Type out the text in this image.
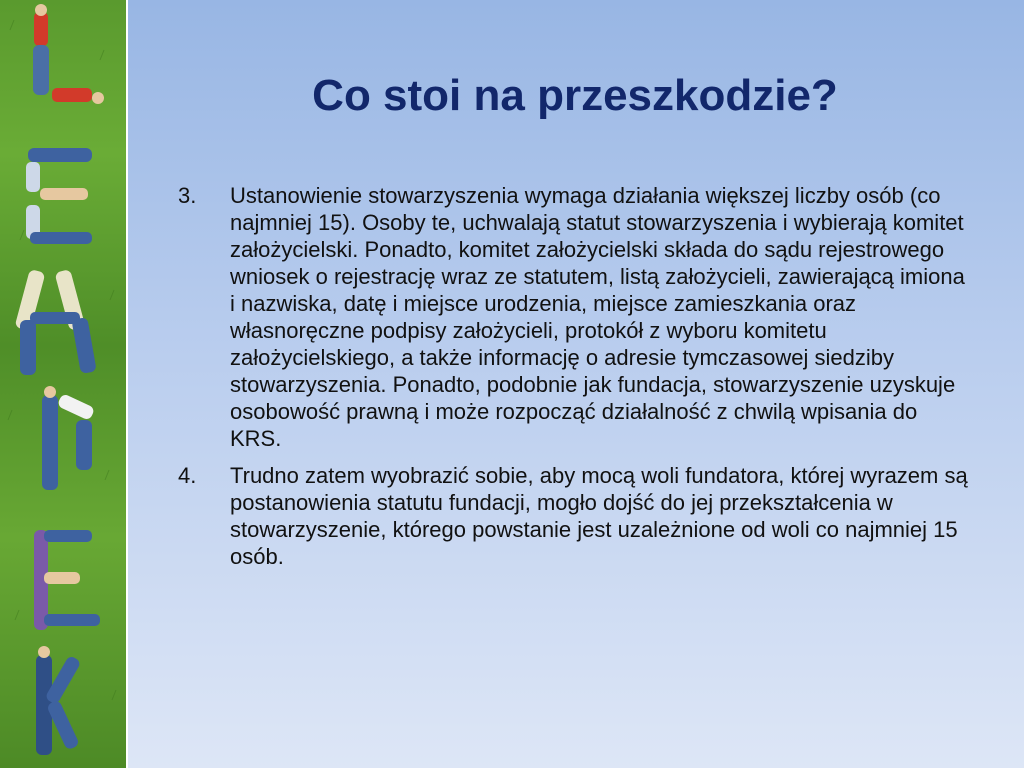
Co stoi na przeszkodzie?
3.	Ustanowienie stowarzyszenia wymaga działania większej liczby osób (co najmniej 15). Osoby te, uchwalają statut stowarzyszenia i wybierają komitet założycielski. Ponadto, komitet założycielski składa do sądu rejestrowego wniosek o rejestrację wraz ze statutem, listą założycieli, zawierającą imiona i nazwiska, datę i miejsce urodzenia, miejsce zamieszkania oraz własnoręczne podpisy założycieli, protokół z wyboru komitetu założycielskiego, a także informację o adresie tymczasowej siedziby stowarzyszenia. Ponadto, podobnie jak fundacja, stowarzyszenie uzyskuje osobowość prawną i może rozpocząć działalność z chwilą wpisania do KRS.
4.	Trudno zatem wyobrazić sobie, aby mocą woli fundatora, której wyrazem są postanowienia statutu fundacji, mogło dojść do jej przekształcenia w stowarzyszenie, którego powstanie jest uzależnione od woli co najmniej 15 osób.
